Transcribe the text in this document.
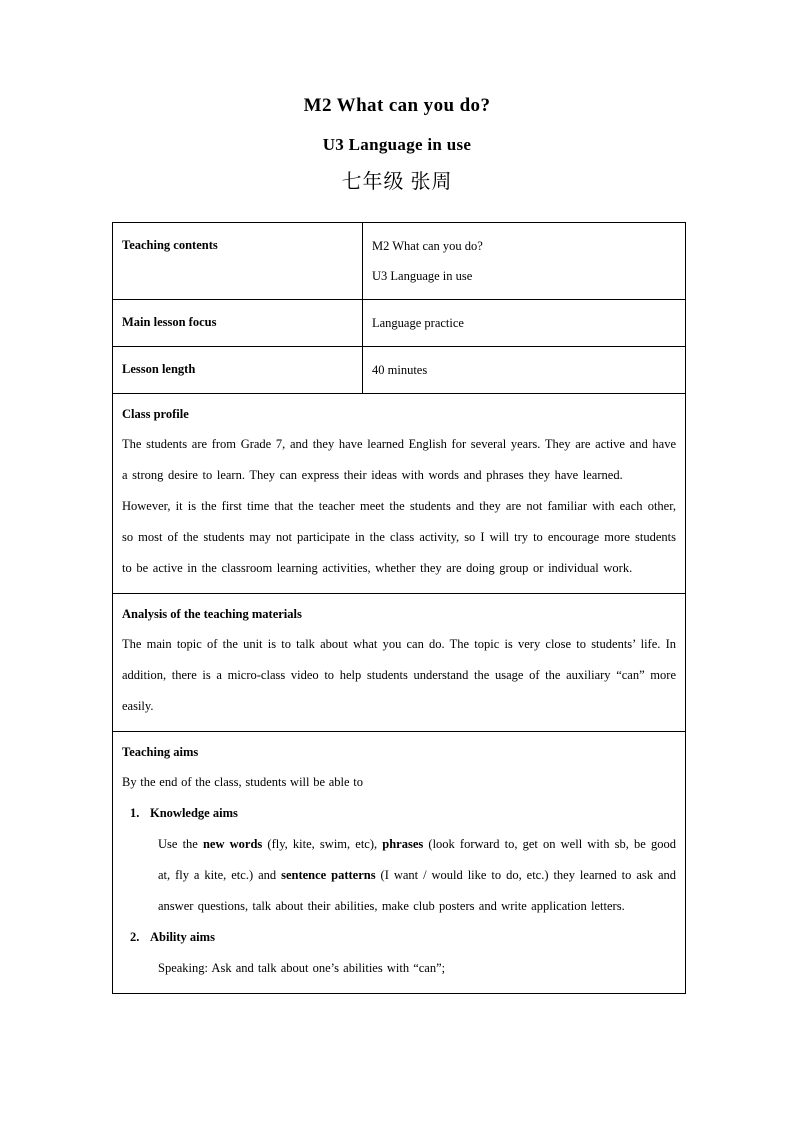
M2 What can you do?
U3 Language in use
七年级 张周
Teaching contents	M2 What can you do?
U3 Language in use

Main lesson focus	Language practice

Lesson length	40 minutes

Class profile

The students are from Grade 7, and they have learned English for several years. They are active and have a strong desire to learn. They can express their ideas with words and phrases they have learned.

However, it is the first time that the teacher meet the students and they are not familiar with each other, so most of the students may not participate in the class activity, so I will try to encourage more students to be active in the classroom learning activities, whether they are doing group or individual work.	

Analysis of the teaching materials

The main topic of the unit is to talk about what you can do. The topic is very close to students’ life. In addition, there is a micro-class video to help students understand the usage of the auxiliary “can” more easily.	

Teaching aims

By the end of the class, students will be able to

1. Knowledge aims

Use the new words (fly, kite, swim, etc), phrases (look forward to, get on well with sb, be good at, fly a kite, etc.) and sentence patterns (I want / would like to do, etc.) they learned to ask and answer questions, talk about their abilities, make club posters and write application letters.

2. Ability aims

Speaking: Ask and talk about one’s abilities with “can”;
